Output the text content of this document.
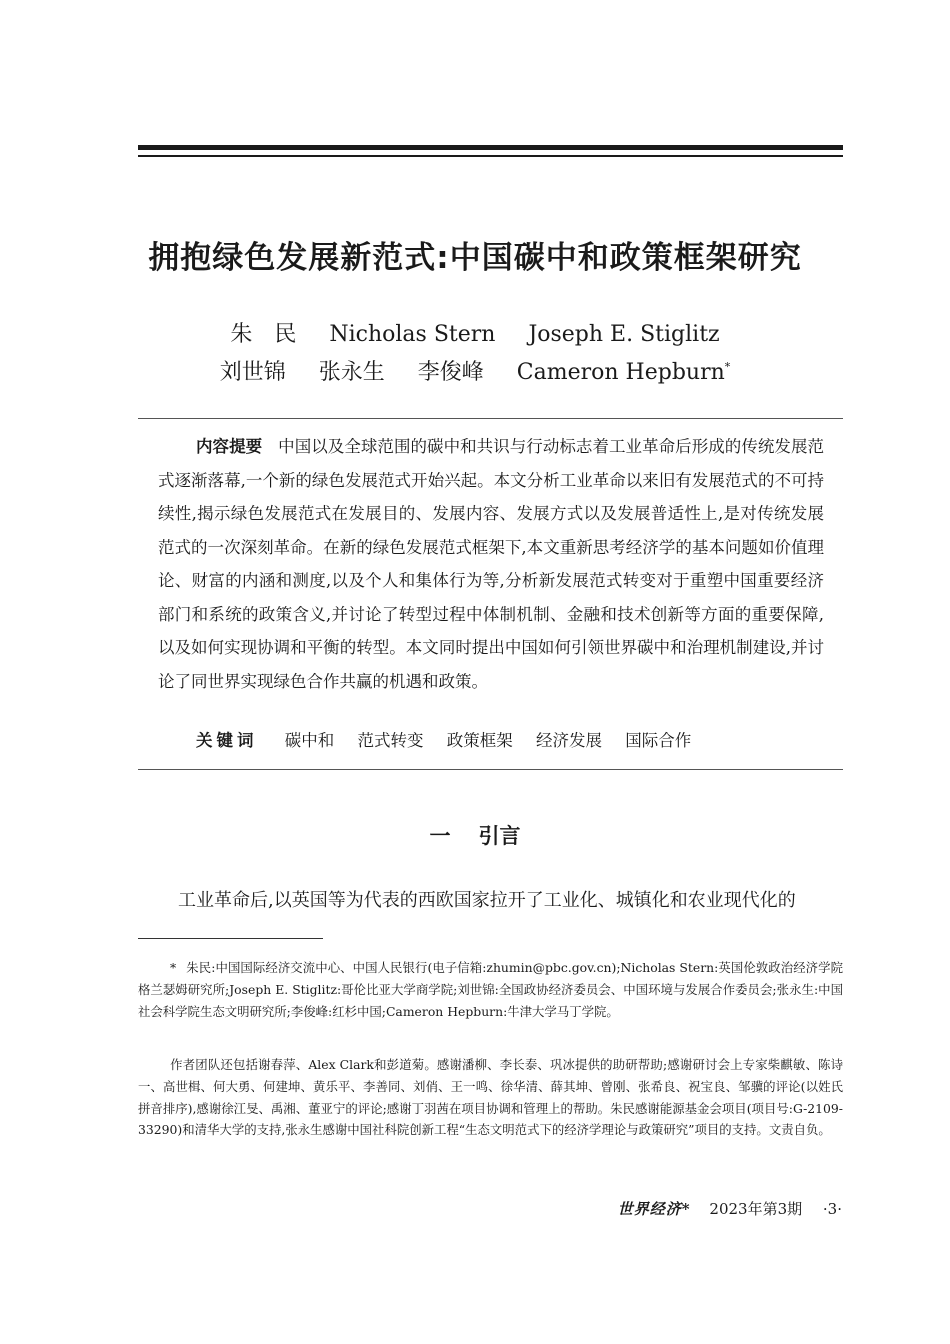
拥抱绿色发展新范式:中国碳中和政策框架研究
朱　民 Nicholas Stern Joseph E. Stiglitz
刘世锦 张永生 李俊峰 Cameron Hepburn*
内容提要 中国以及全球范围的碳中和共识与行动标志着工业革命后形成的传统发展范式逐渐落幕,一个新的绿色发展范式开始兴起。本文分析工业革命以来旧有发展范式的不可持续性,揭示绿色发展范式在发展目的、发展内容、发展方式以及发展普适性上,是对传统发展范式的一次深刻革命。在新的绿色发展范式框架下,本文重新思考经济学的基本问题如价值理论、财富的内涵和测度,以及个人和集体行为等,分析新发展范式转变对于重塑中国重要经济部门和系统的政策含义,并讨论了转型过程中体制机制、金融和技术创新等方面的重要保障,以及如何实现协调和平衡的转型。本文同时提出中国如何引领世界碳中和治理机制建设,并讨论了同世界实现绿色合作共赢的机遇和政策。
关键词 碳中和 范式转变 政策框架 经济发展 国际合作
一 引言
工业革命后,以英国等为代表的西欧国家拉开了工业化、城镇化和农业现代化的
* 朱民:中国国际经济交流中心、中国人民银行(电子信箱:zhumin@pbc.gov.cn);Nicholas Stern:英国伦敦政治经济学院格兰瑟姆研究所;Joseph E. Stiglitz:哥伦比亚大学商学院;刘世锦:全国政协经济委员会、中国环境与发展合作委员会;张永生:中国社会科学院生态文明研究所;李俊峰:红杉中国;Cameron Hepburn:牛津大学马丁学院。
作者团队还包括谢春萍、Alex Clark和彭道菊。感谢潘柳、李长泰、巩冰提供的助研帮助;感谢研讨会上专家柴麒敏、陈诗一、高世楫、何大勇、何建坤、黄乐平、李善同、刘俏、王一鸣、徐华清、薛其坤、曾刚、张希良、祝宝良、邹骥的评论(以姓氏拼音排序),感谢徐江旻、禹湘、董亚宁的评论;感谢丁羽茜在项目协调和管理上的帮助。朱民感谢能源基金会项目(项目号:G-2109-33290)和清华大学的支持,张永生感谢中国社科院创新工程“生态文明范式下的经济学理论与政策研究”项目的支持。文责自负。
世界经济* 2023年第3期 ·3·
